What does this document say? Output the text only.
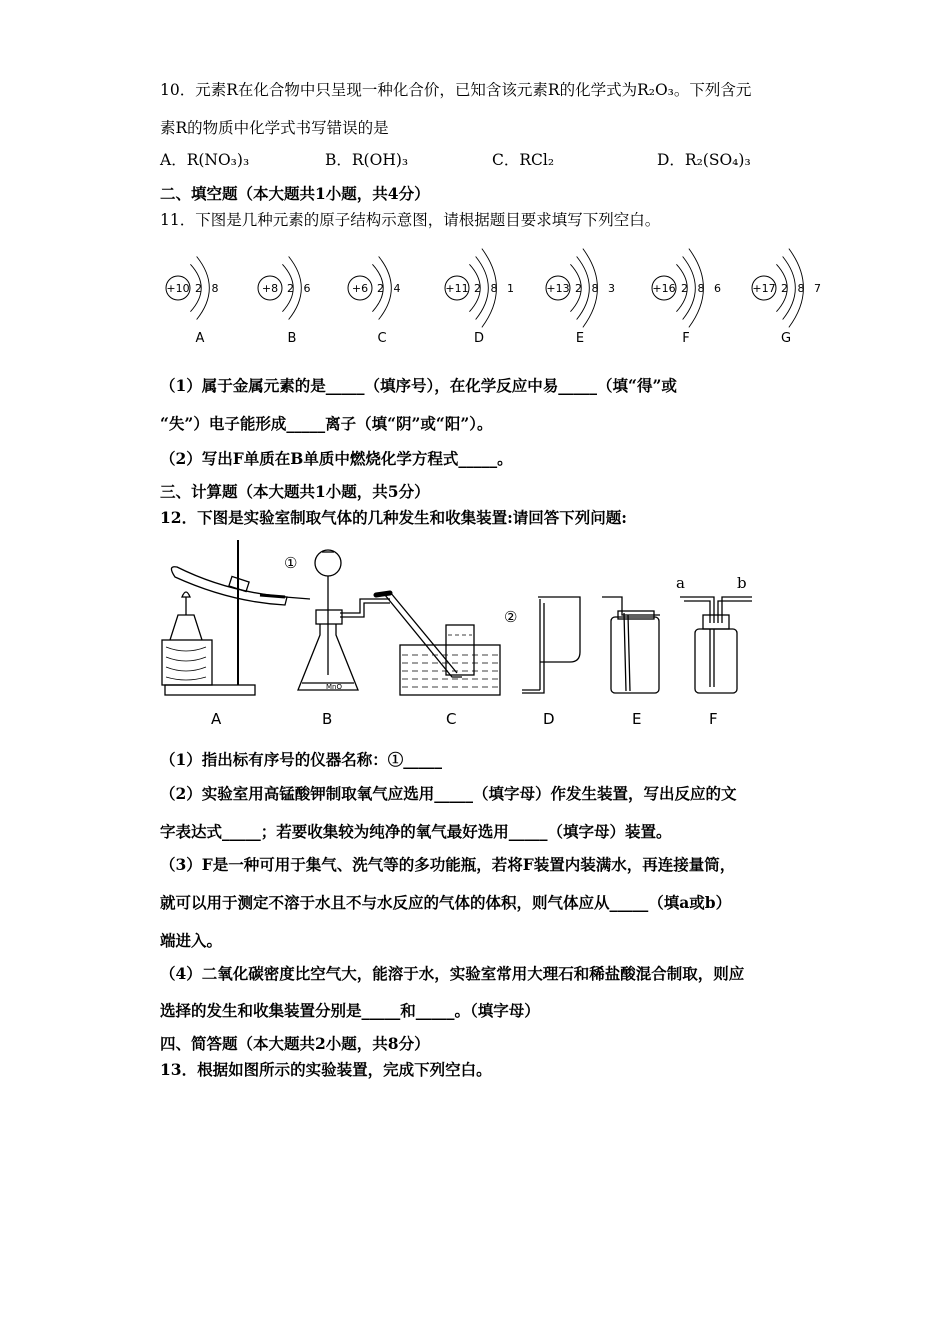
10．元素R在化合物中只呈现一种化合价，已知含该元素R的化学式为R₂O₃。下列含元
素R的物质中化学式书写错误的是
A．R(NO₃)₃	B．R(OH)₃	C．RCl₂	D．R₂(SO₄)₃
二、填空题（本大题共1小题，共4分）
11．下图是几种元素的原子结构示意图，请根据题目要求填写下列空白。
+10 2 8
A
+8 2 6
B
+6 2 4
C
+11 2 8 1
D
+13 2 8 3
E
+16 2 8 6
F
+17 2 8 7
G
（1）属于金属元素的是_____（填序号），在化学反应中易_____（填“得”或
“失”）电子能形成_____离子（填“阴”或“阳”）。
（2）写出F单质在B单质中燃烧化学方程式_____。
三、计算题（本大题共1小题，共5分）
12．下图是实验室制取气体的几种发生和收集装置:请回答下列问题:
MnO
①
②
a	b
A	B	C	D	E	F
（1）指出标有序号的仪器名称：①_____
（2）实验室用高锰酸钾制取氧气应选用_____（填字母）作发生装置，写出反应的文
字表达式_____；若要收集较为纯净的氧气最好选用_____（填字母）装置。
（3）F是一种可用于集气、洗气等的多功能瓶，若将F装置内装满水，再连接量筒，
就可以用于测定不溶于水且不与水反应的气体的体积，则气体应从_____（填a或b）
端进入。
（4）二氧化碳密度比空气大，能溶于水，实验室常用大理石和稀盐酸混合制取，则应
选择的发生和收集装置分别是_____和_____。（填字母）
四、简答题（本大题共2小题，共8分）
13．根据如图所示的实验装置，完成下列空白。
